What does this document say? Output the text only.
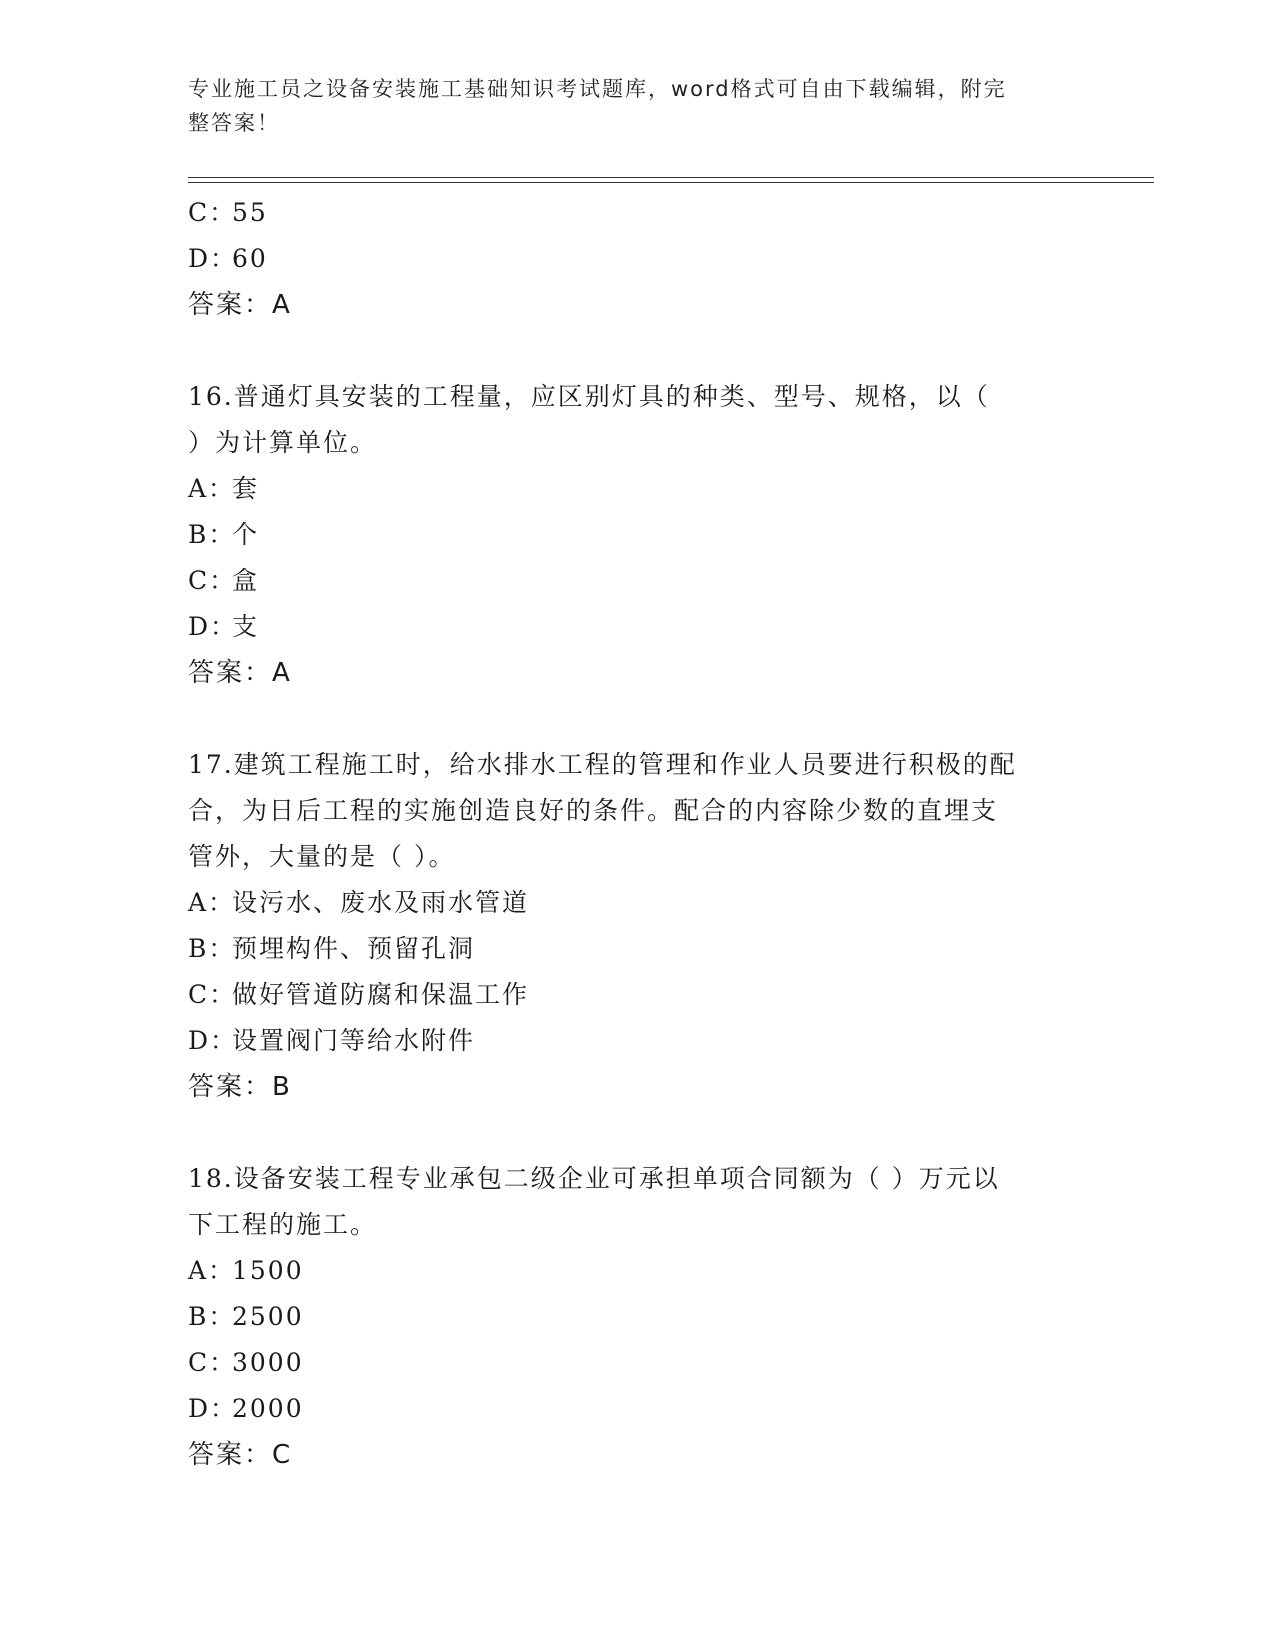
专业施工员之设备安装施工基础知识考试题库，word格式可自由下载编辑，附完
整答案！
C：55
D：60
答案：A
16.普通灯具安装的工程量，应区别灯具的种类、型号、规格，以（
）为计算单位。
A：套
B：个
C：盒
D：支
答案：A
17.建筑工程施工时，给水排水工程的管理和作业人员要进行积极的配
合，为日后工程的实施创造良好的条件。配合的内容除少数的直埋支
管外，大量的是（ ）。
A：设污水、废水及雨水管道
B：预埋构件、预留孔洞
C：做好管道防腐和保温工作
D：设置阀门等给水附件
答案：B
18.设备安装工程专业承包二级企业可承担单项合同额为（ ）万元以
下工程的施工。
A：1500
B：2500
C：3000
D：2000
答案：C
